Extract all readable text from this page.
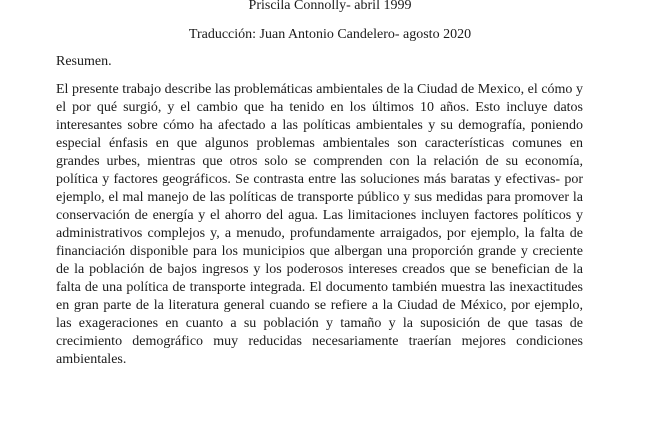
Priscila Connolly- abril 1999
Traducción: Juan Antonio Candelero- agosto 2020
Resumen.

El presente trabajo describe las problemáticas ambientales de la Ciudad de Mexico, el cómo y el por qué surgió, y el cambio que ha tenido en los últimos 10 años. Esto incluye datos interesantes sobre cómo ha afectado a las políticas ambientales y su demografía, poniendo especial énfasis en que algunos problemas ambientales son características comunes en grandes urbes, mientras que otros solo se comprenden con la relación de su economía, política y factores geográficos. Se contrasta entre las soluciones más baratas y efectivas- por ejemplo, el mal manejo de las políticas de transporte público y sus medidas para promover la conservación de energía y el ahorro del agua. Las limitaciones incluyen factores políticos y administrativos complejos y, a menudo, profundamente arraigados, por ejemplo, la falta de financiación disponible para los municipios que albergan una proporción grande y creciente de la población de bajos ingresos y los poderosos intereses creados que se benefician de la falta de una política de transporte integrada. El documento también muestra las inexactitudes en gran parte de la literatura general cuando se refiere a la Ciudad de México, por ejemplo, las exageraciones en cuanto a su población y tamaño y la suposición de que tasas de crecimiento demográfico muy reducidas necesariamente traerían mejores condiciones ambientales.
